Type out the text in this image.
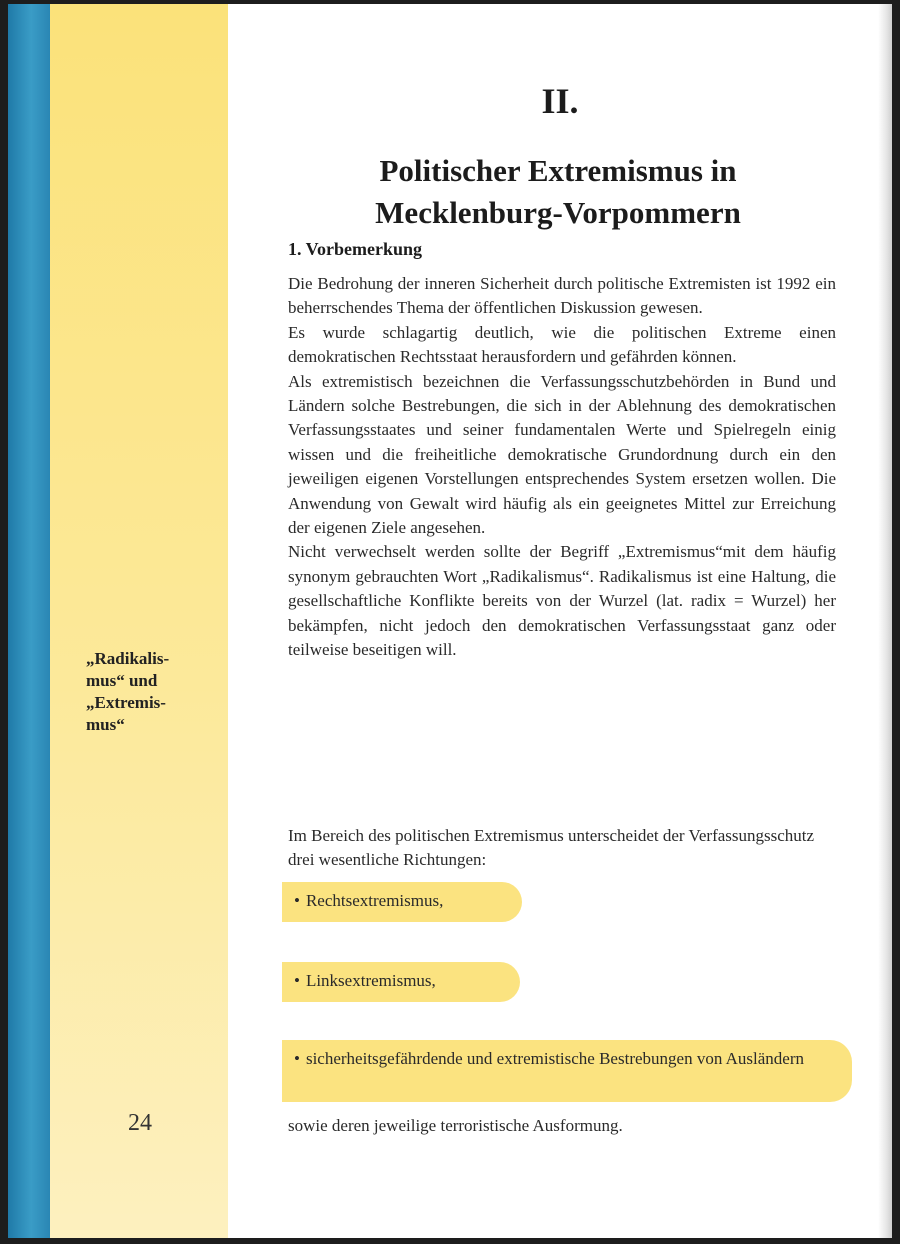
II.
Politischer Extremismus in
Mecklenburg-Vorpommern
1. Vorbemerkung

Die Bedrohung der inneren Sicherheit durch politische Extremisten ist 1992 ein beherrschendes Thema der öffentlichen Diskussion gewesen.

Es wurde schlagartig deutlich, wie die politischen Extreme einen demokratischen Rechtsstaat herausfordern und gefährden können.

Als extremistisch bezeichnen die Verfassungsschutzbehörden in Bund und Ländern solche Bestrebungen, die sich in der Ablehnung des demokratischen Verfassungsstaates und seiner fundamentalen Werte und Spielregeln einig wissen und die freiheitliche demokratische Grundordnung durch ein den jeweiligen eigenen Vorstellungen entsprechendes System ersetzen wollen. Die Anwendung von Gewalt wird häufig als ein geeignetes Mittel zur Erreichung der eigenen Ziele angesehen.

Nicht verwechselt werden sollte der Begriff „Extremismus“mit dem häufig synonym gebrauchten Wort „Radikalismus“. Radikalismus ist eine Haltung, die gesellschaftliche Konflikte bereits von der Wurzel (lat. radix = Wurzel) her bekämpfen, nicht jedoch den demokratischen Verfassungsstaat ganz oder teilweise beseitigen will.

„Radikalis-
mus“ und
„Extremis-
mus“

Im Bereich des politischen Extremismus unterscheidet der Verfassungsschutz drei wesentliche Richtungen:

• Rechtsextremismus,
• Linksextremismus,
• sicherheitsgefährdende und extremistische Bestrebungen von Ausländern

sowie deren jeweilige terroristische Ausformung.

24
